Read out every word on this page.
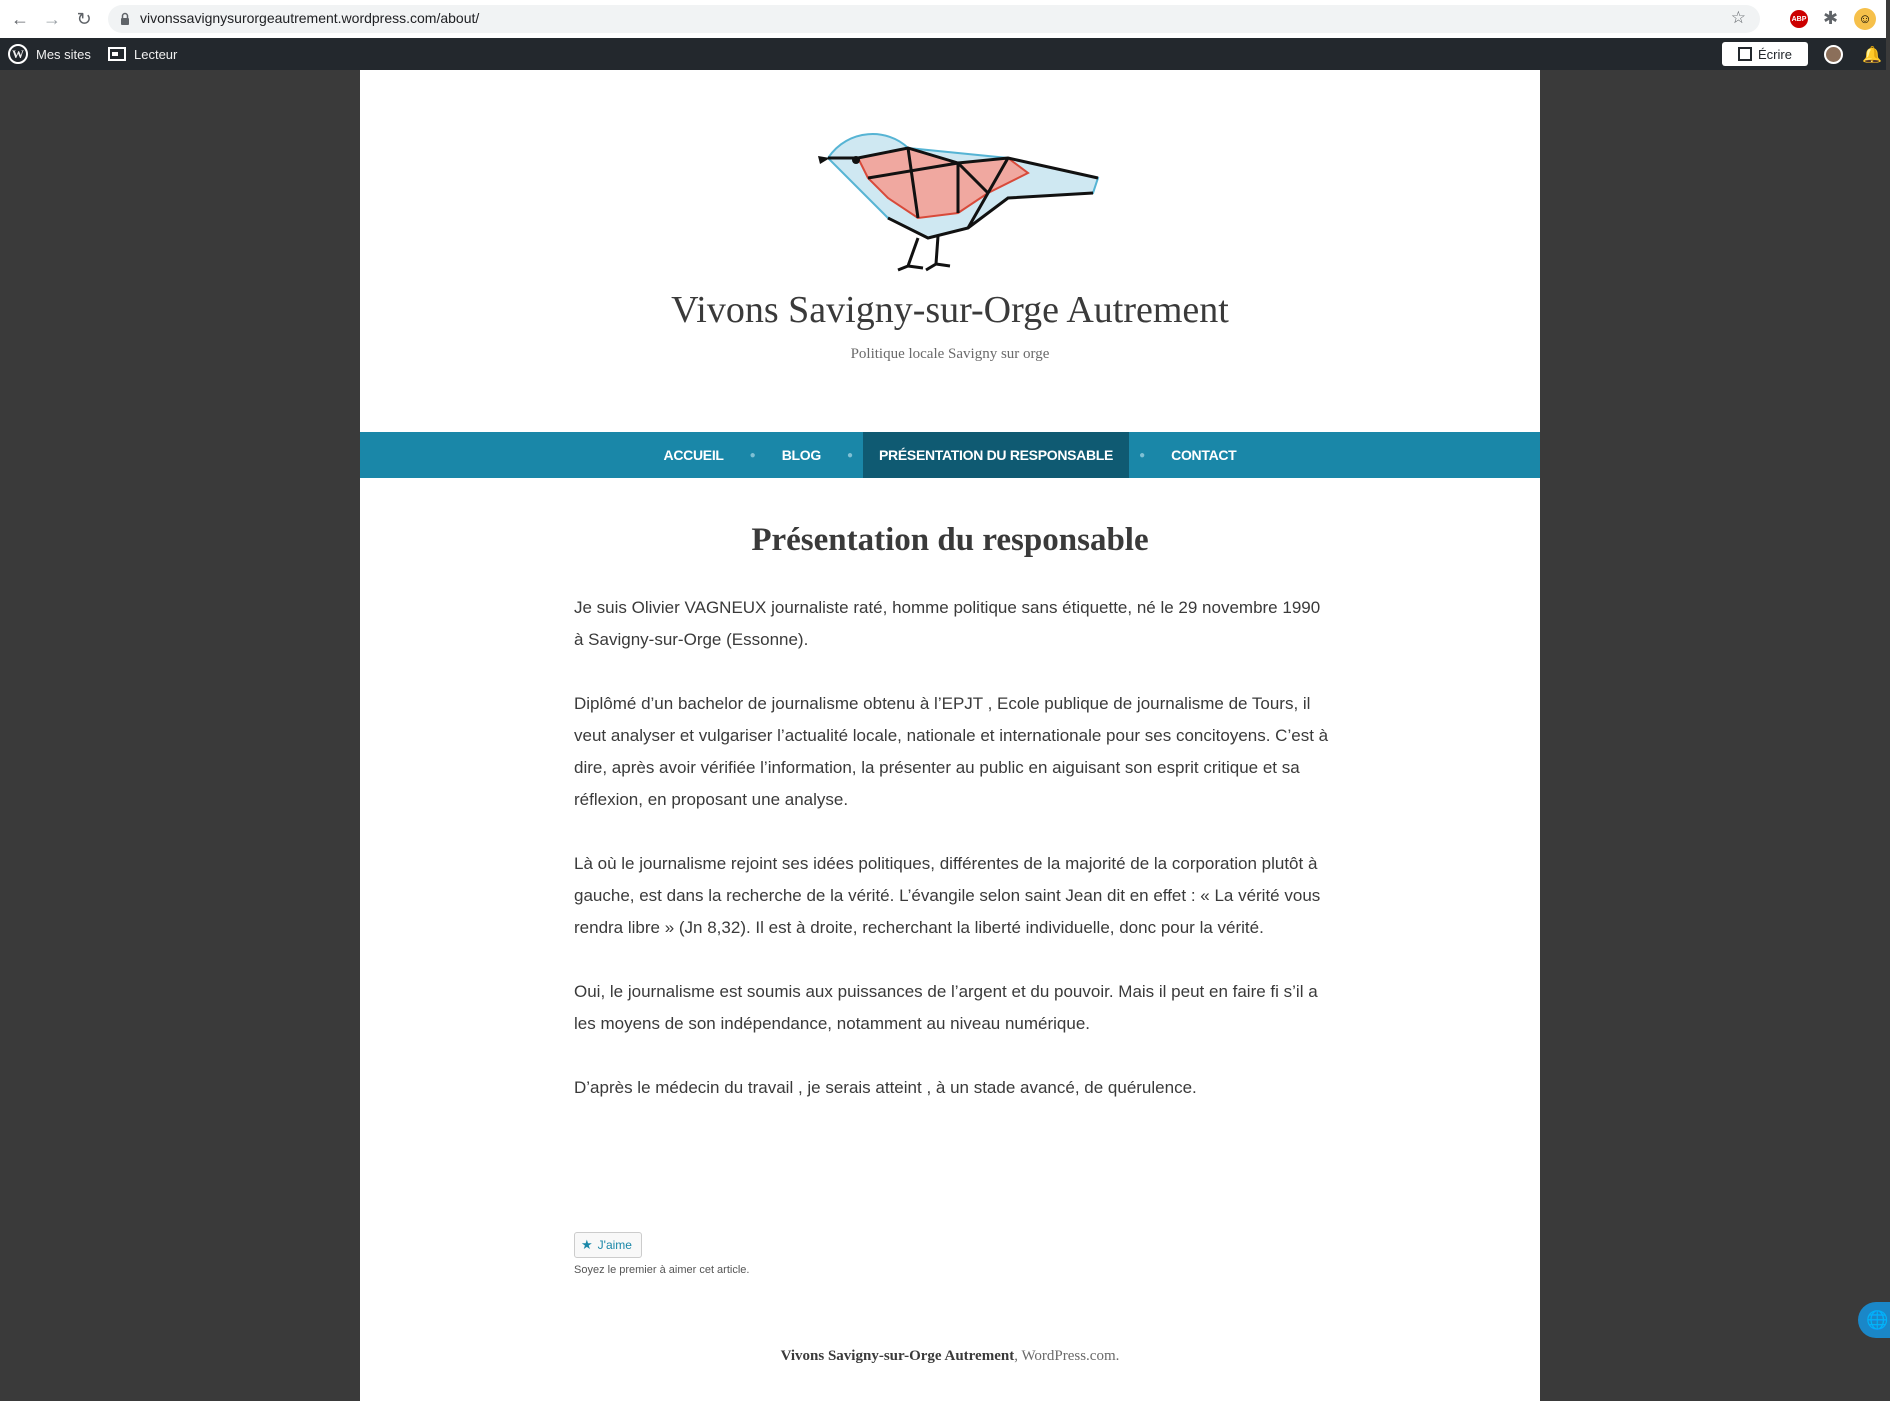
← → ↻	vivonssavignysurorgeautrement.wordpress.com/about/	☆	ABP ✱	☺
W Mes sites	Lecteur	Écrire	🔔
Vivons Savigny-sur-Orge Autrement
Politique locale Savigny sur orge
ACCUEIL	●	BLOG	●	PRÉSENTATION DU RESPONSABLE	●	CONTACT
Présentation du responsable

Je suis Olivier VAGNEUX journaliste raté, homme politique sans étiquette, né le 29 novembre 1990 à Savigny-sur-Orge (Essonne).

Diplômé d’un bachelor de journalisme obtenu à l’EPJT , Ecole publique de journalisme de Tours, il veut analyser et vulgariser l’actualité locale, nationale et internationale pour ses concitoyens. C’est à dire, après avoir vérifiée l’information, la présenter au public en aiguisant son esprit critique et sa réflexion, en proposant une analyse.

Là où le journalisme rejoint ses idées politiques, différentes de la majorité de la corporation plutôt à gauche, est dans la recherche de la vérité. L’évangile selon saint Jean dit en effet : « La vérité vous rendra libre » (Jn 8,32). Il est à droite, recherchant la liberté individuelle, donc pour la vérité.

Oui, le journalisme est soumis aux puissances de l’argent et du pouvoir. Mais il peut en faire fi s’il a les moyens de son indépendance, notamment au niveau numérique.

D’après le médecin du travail , je serais atteint , à un stade avancé, de quérulence.

★ J'aime
Soyez le premier à aimer cet article.
Vivons Savigny-sur-Orge Autrement, WordPress.com.
🌐
